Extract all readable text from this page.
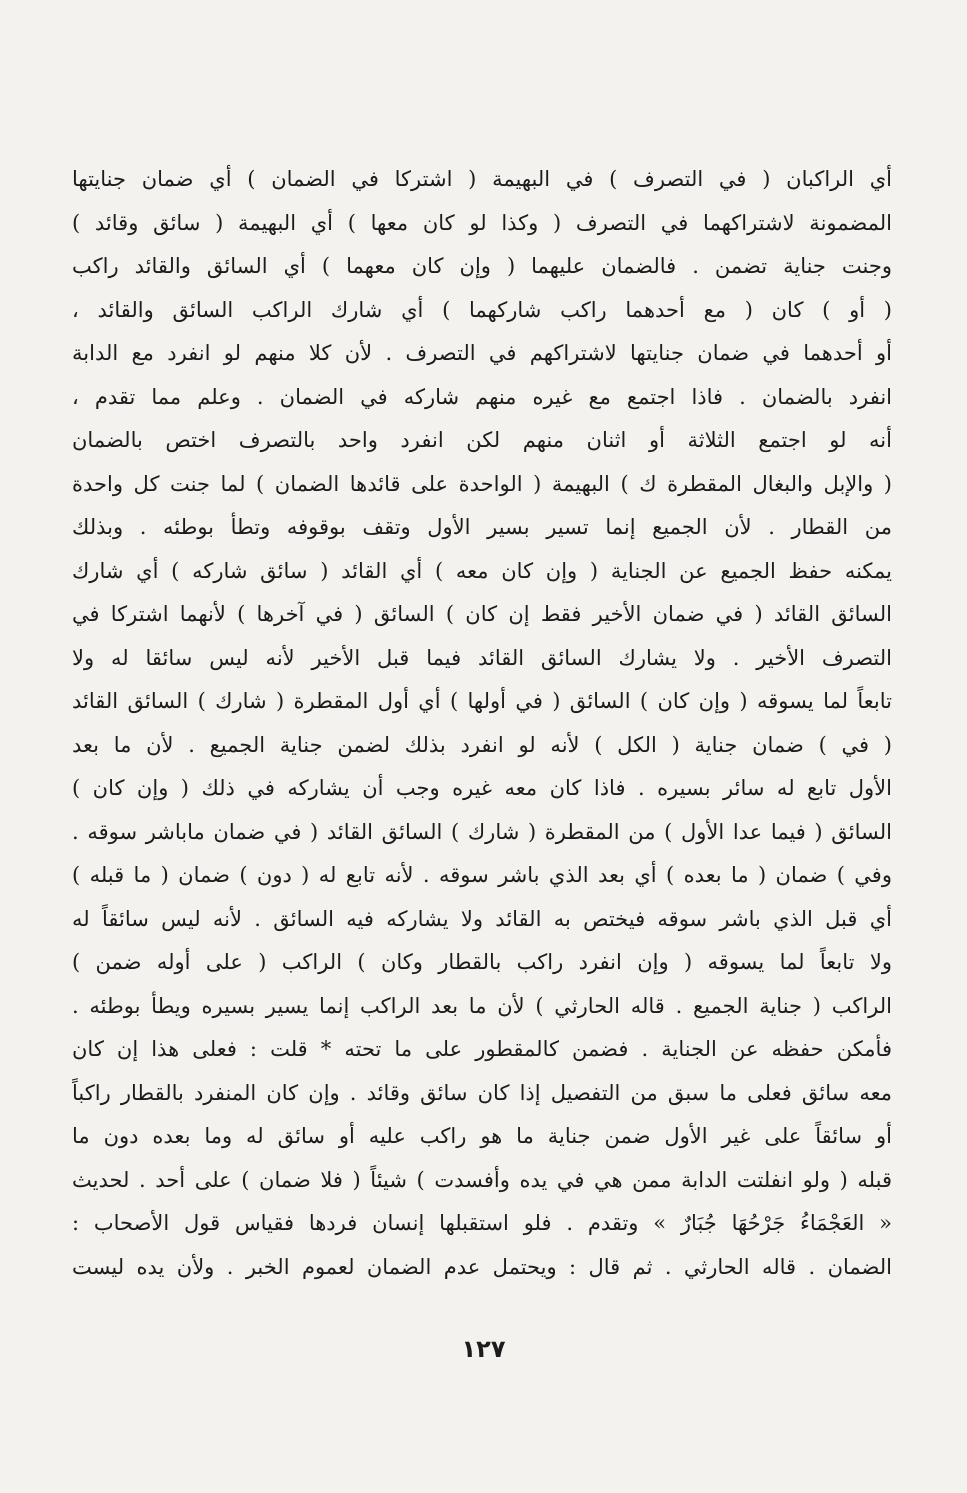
أي الراكبان ( في التصرف ) في البهيمة ( اشتركا في الضمان ) أي ضمان جنايتها
المضمونة لاشتراكهما في التصرف ( وكذا لو كان معها ) أي البهيمة ( سائق وقائد )
وجنت جناية تضمن . فالضمان عليهما ( وإن كان معهما ) أي السائق والقائد راكب
( أو ) كان ( مع أحدهما راكب شاركهما ) أي شارك الراكب السائق والقائد ،
أو أحدهما في ضمان جنايتها لاشتراكهم في التصرف . لأن كلا منهم لو انفرد مع الدابة
انفرد بالضمان . فاذا اجتمع مع غيره منهم شاركه في الضمان . وعلم مما تقدم ،
أنه لو اجتمع الثلاثة أو اثنان منهم لكن انفرد واحد بالتصرف اختص بالضمان
( والإبل والبغال المقطرة ك ) البهيمة ( الواحدة على قائدها الضمان ) لما جنت كل واحدة
من القطار . لأن الجميع إنما تسير بسير الأول وتقف بوقوفه وتطأ بوطئه . وبذلك
يمكنه حفظ الجميع عن الجناية ( وإن كان معه ) أي القائد ( سائق شاركه ) أي شارك
السائق القائد ( في ضمان الأخير فقط إن كان ) السائق ( في آخرها ) لأنهما اشتركا في
التصرف الأخير . ولا يشارك السائق القائد فيما قبل الأخير لأنه ليس سائقا له ولا
تابعاً لما يسوقه ( وإن كان ) السائق ( في أولها ) أي أول المقطرة ( شارك ) السائق القائد
( في ) ضمان جناية ( الكل ) لأنه لو انفرد بذلك لضمن جناية الجميع . لأن ما بعد
الأول تابع له سائر بسيره . فاذا كان معه غيره وجب أن يشاركه في ذلك ( وإن كان )
السائق ( فيما عدا الأول ) من المقطرة ( شارك ) السائق القائد ( في ضمان ماباشر سوقه .
وفي ) ضمان ( ما بعده ) أي بعد الذي باشر سوقه . لأنه تابع له ( دون ) ضمان ( ما قبله )
أي قبل الذي باشر سوقه فيختص به القائد ولا يشاركه فيه السائق . لأنه ليس سائقاً له
ولا تابعاً لما يسوقه ( وإن انفرد راكب بالقطار وكان ) الراكب ( على أوله ضمن )
الراكب ( جناية الجميع . قاله الحارثي ) لأن ما بعد الراكب إنما يسير بسيره ويطأ بوطئه .
فأمكن حفظه عن الجناية . فضمن كالمقطور على ما تحته * قلت : فعلى هذا إن كان
معه سائق فعلى ما سبق من التفصيل إذا كان سائق وقائد . وإن كان المنفرد بالقطار راكباً
أو سائقاً على غير الأول ضمن جناية ما هو راكب عليه أو سائق له وما بعده دون ما
قبله ( ولو انفلتت الدابة ممن هي في يده وأفسدت ) شيئاً ( فلا ضمان ) على أحد . لحديث
« العَجْمَاءُ جَرْحُهَا جُبَارٌ » وتقدم . فلو استقبلها إنسان فردها فقياس قول الأصحاب :
الضمان . قاله الحارثي . ثم قال : ويحتمل عدم الضمان لعموم الخبر . ولأن يده ليست
١٢٧
